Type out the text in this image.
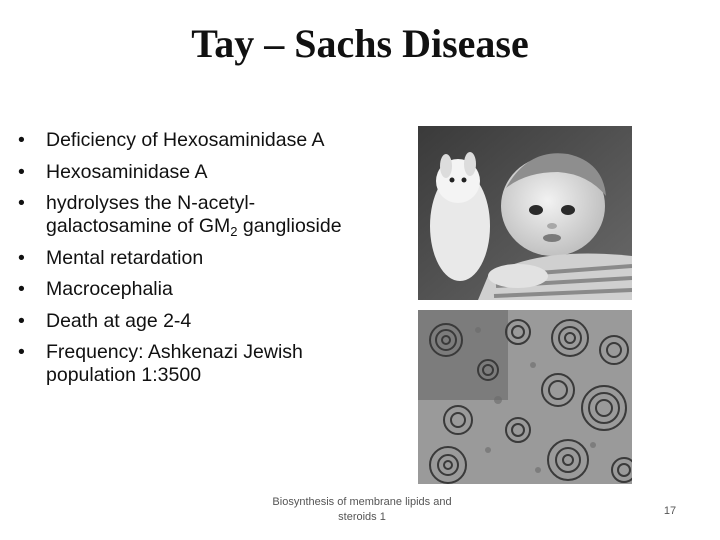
Tay – Sachs Disease
• Deficiency of Hexosaminidase A
• Hexosaminidase A
• hydrolyses the N-acetyl-galactosamine of $GM_2$ ganglioside
• Mental retardation
• Macrocephalia
• Death at age 2-4
• Frequency: Ashkenazi Jewish population 1:3500
Biosynthesis of membrane lipids and steroids 1	17
